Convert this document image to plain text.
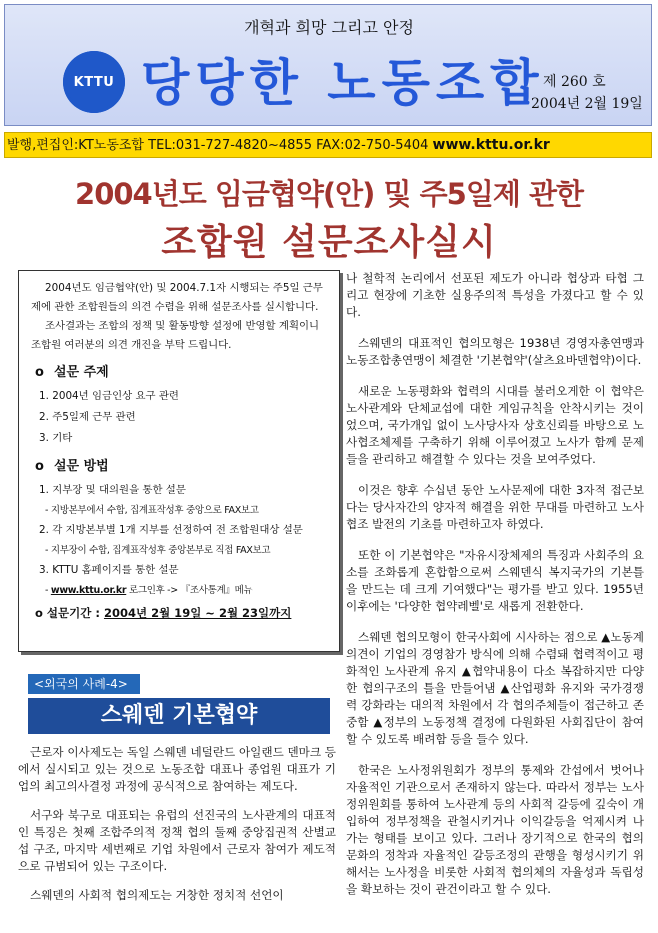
개혁과 희망 그리고 안정
KTTU 당당한 노동조합
제 260 호
2004년 2월 19일
발행,편집인:KT노동조합 TEL:031-727-4820~4855 FAX:02-750-5404 www.kttu.or.kr
2004년도 임금협약(안) 및 주5일제 관한
조합원 설문조사실시

2004년도 임금협약(안) 및 2004.7.1자 시행되는 주5일 근무제에 관한 조합원들의 의견 수렴을 위해 설문조사를 실시합니다.

조사결과는 조합의 정책 및 활동방향 설정에 반영할 계획이니 조합원 여러분의 의견 개진을 부탁 드립니다.

o 설문 주제
1. 2004년 임금인상 요구 관련
2. 주5일제 근무 관련
3. 기타
o 설문 방법
1. 지부장 및 대의원을 통한 설문
- 지방본부에서 수합, 집계표작성후 중앙으로 FAX보고
2. 각 지방본부별 1개 지부를 선정하여 전 조합원대상 설문
- 지부장이 수합, 집계표작성후 중앙본부로 직접 FAX보고
3. KTTU 홈페이지를 통한 설문
- www.kttu.or.kr 로그인후 -> 『조사통계』메뉴
o 설문기간 : 2004년 2월 19일 ~ 2월 23일까지
<외국의 사례-4>
스웨덴 기본협약

근로자 이사제도는 독일 스웨덴 네덜란드 아일랜드 덴마크 등에서 실시되고 있는 것으로 노동조합 대표나 종업원 대표가 기업의 최고의사결정 과정에 공식적으로 참여하는 제도다.

서구와 북구로 대표되는 유럽의 선진국의 노사관계의 대표적인 특징은 첫째 조합주의적 정책 협의 둘째 중앙집권적 산별교섭 구조, 마지막 세번째로 기업 차원에서 근로자 참여가 제도적으로 규범되어 있는 구조이다.

스웨덴의 사회적 협의제도는 거창한 정치적 선언이

나 철학적 논리에서 선포된 제도가 아니라 협상과 타협 그리고 현장에 기초한 실용주의적 특성을 가졌다고 할 수 있다.

스웨덴의 대표적인 협의모형은 1938년 경영자총연맹과 노동조합총연맹이 체결한 '기본협약'(살츠요바덴협약)이다.

새로운 노동평화와 협력의 시대를 불러오게한 이 협약은 노사관계와 단체교섭에 대한 게임규칙을 안착시키는 것이었으며, 국가개입 없이 노사당사자 상호신뢰를 바탕으로 노사협조체제를 구축하기 위해 이루어졌고 노사가 함께 문제들을 관리하고 해결할 수 있다는 것을 보여주었다.

이것은 향후 수십년 동안 노사문제에 대한 3자적 접근보다는 당사자간의 양자적 해결을 위한 무대를 마련하고 노사협조 발전의 기초를 마련하고자 하였다.

또한 이 기본협약은 "자유시장체제의 특징과 사회주의 요소를 조화롭게 혼합함으로써 스웨덴식 복지국가의 기본틀을 만드는 데 크게 기여했다"는 평가를 받고 있다. 1955년 이후에는 '다양한 협약레벨'로 새롭게 전환한다.

스웨덴 협의모형이 한국사회에 시사하는 점으로 ▲노동계 의견이 기업의 경영참가 방식에 의해 수렴돼 협력적이고 평화적인 노사관계 유지 ▲협약내용이 다소 복잡하지만 다양한 협의구조의 틀을 만들어냄 ▲산업평화 유지와 국가경쟁력 강화라는 대의적 차원에서 각 협의주체들이 접근하고 존중함 ▲정부의 노동정책 결정에 다원화된 사회집단이 참여할 수 있도록 배려함 등을 들수 있다.

한국은 노사정위원회가 정부의 통제와 간섭에서 벗어나 자율적인 기관으로서 존재하지 않는다. 따라서 정부는 노사정위원회를 통하여 노사관계 등의 사회적 갈등에 깊숙이 개입하여 정부정책을 관철시키거나 이익갈등을 억제시켜 나가는 형태를 보이고 있다. 그러나 장기적으로 한국의 협의문화의 정착과 자율적인 갈등조정의 관행을 형성시키기 위해서는 노사정을 비롯한 사회적 협의체의 자율성과 독립성을 확보하는 것이 관건이라고 할 수 있다.
